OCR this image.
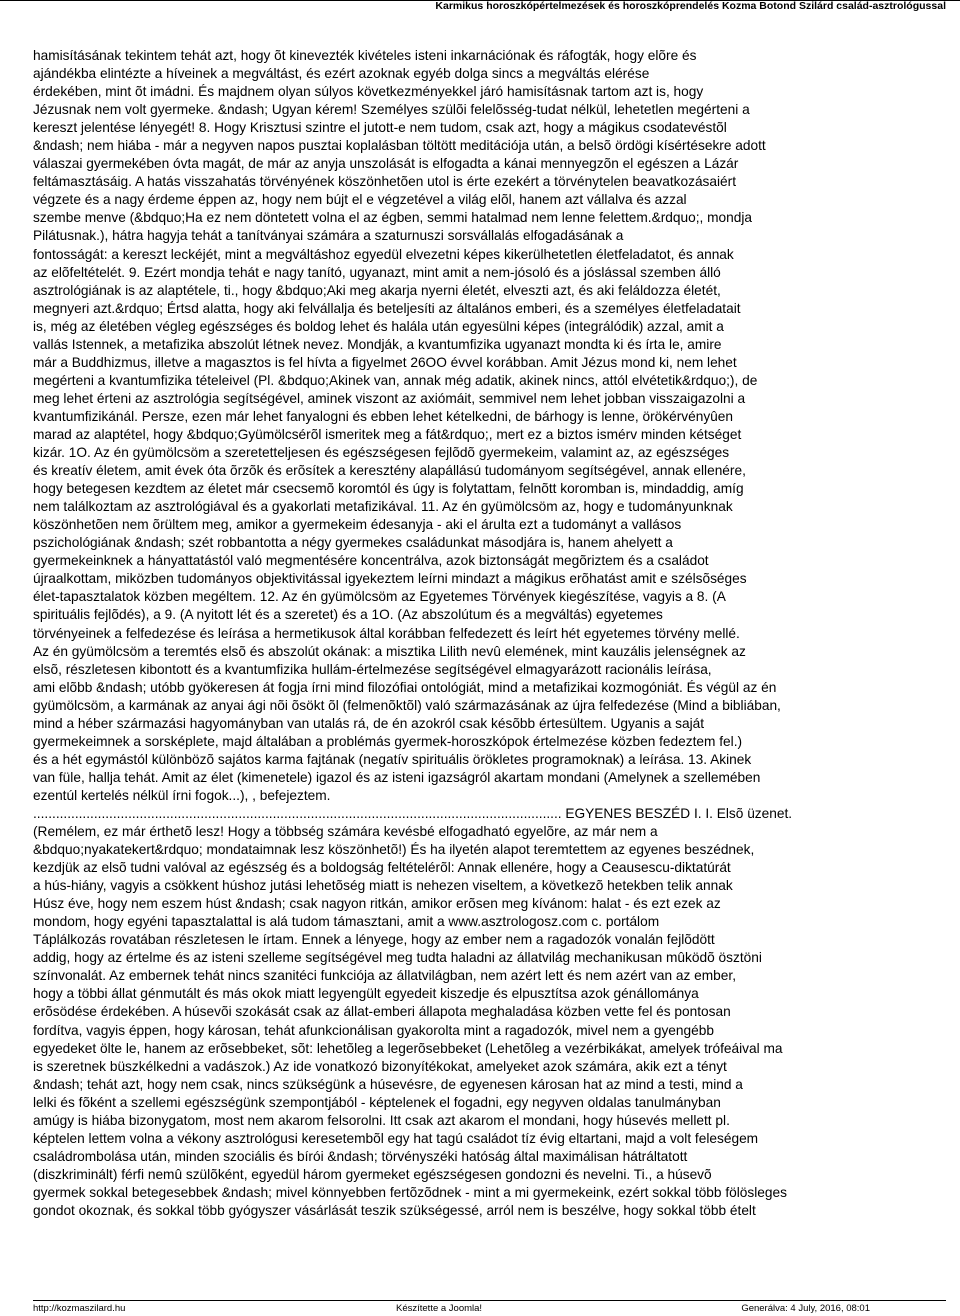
Karmikus horoszkópértelmezések és horoszkóprendelés Kozma Botond Szilárd család-asztrológussal
hamisításának tekintem tehát azt, hogy õt kinevezték kivételes isteni inkarnációnak és ráfogták, hogy elõre és
ajándékba elintézte a híveinek a megváltást, és ezért azoknak egyéb dolga sincs a megváltás elérése
érdekében, mint õt imádni. És majdnem olyan súlyos következményekkel járó hamisításnak tartom azt is, hogy
Jézusnak nem volt gyermeke. &ndash; Ugyan kérem! Személyes szülõi felelõsség-tudat nélkül, lehetetlen megérteni a
kereszt jelentése lényegét! 8. Hogy Krisztusi szintre el jutott-e nem tudom, csak azt, hogy a mágikus csodatevéstõl
&ndash; nem hiába - már a negyven napos pusztai koplalásban töltött meditációja után, a belsõ ördögi kísértésekre adott
válaszai gyermekében óvta magát, de már az anyja unszolását is elfogadta a kánai mennyegzõn el egészen a Lázár
feltámasztásáig. A hatás visszahatás törvényének köszönhetõen utol is érte ezekért a törvénytelen beavatkozásaiért
végzete és a nagy érdeme éppen az, hogy nem bújt el e végzetével a világ elõl, hanem azt vállalva és azzal
szembe menve (&bdquo;Ha ez nem döntetett volna el az égben, semmi hatalmad nem lenne felettem.&rdquo;, mondja
Pilátusnak.), hátra hagyja tehát a tanítványai számára a szaturnuszi sorsvállalás elfogadásának a
fontosságát: a kereszt leckéjét, mint a megváltáshoz egyedül elvezetni képes kikerülhetetlen életfeladatot, és annak
az elõfeltételét. 9. Ezért mondja tehát e nagy tanító, ugyanazt, mint amit a nem-jósoló és a jóslással szemben álló
asztrológiának is az alaptétele, ti., hogy &bdquo;Aki meg akarja nyerni életét, elveszti azt, és aki feláldozza életét,
megnyeri azt.&rdquo; Értsd alatta, hogy aki felvállalja és beteljesíti az általános emberi, és a személyes életfeladatait
is, még az életében végleg egészséges és boldog lehet és halála után egyesülni képes (integrálódik) azzal, amit a
vallás Istennek, a metafizika abszolút létnek nevez. Mondják, a kvantumfizika ugyanazt mondta ki és írta le, amire
már a Buddhizmus, illetve a magasztos is fel hívta a figyelmet 26OO évvel korábban. Amit Jézus mond ki, nem lehet
megérteni a kvantumfizika tételeivel (Pl. &bdquo;Akinek van, annak még adatik, akinek nincs, attól elvétetik&rdquo;), de
meg lehet érteni az asztrológia segítségével, aminek viszont az axiómáit, semmivel nem lehet jobban visszaigazolni a
kvantumfizikánál. Persze, ezen már lehet fanyalogni és ebben lehet kételkedni, de bárhogy is lenne, örökérvényûen
marad az alaptétel, hogy &bdquo;Gyümölcsérõl ismeritek meg a fát&rdquo;, mert ez a biztos ismérv minden kétséget
kizár. 1O. Az én gyümölcsöm a szeretetteljesen és egészségesen fejlõdõ gyermekeim, valamint az, az egészséges
és kreatív életem, amit évek óta õrzõk és erõsítek a keresztény alapállású tudományom segítségével, annak ellenére,
hogy betegesen kezdtem az életet már csecsemõ koromtól és úgy is folytattam, felnõtt koromban is, mindaddig, amíg
nem találkoztam az asztrológiával és a gyakorlati metafizikával. 11. Az én gyümölcsöm az, hogy e tudományunknak
köszönhetõen nem õrültem meg, amikor a gyermekeim édesanyja - aki el árulta ezt a tudományt a vallásos
pszichológiának &ndash; szét robbantotta a négy gyermekes családunkat másodjára is, hanem ahelyett a
gyermekeinknek a hányattatástól való megmentésére koncentrálva, azok biztonságát megõriztem és a családot
újraalkottam, miközben tudományos objektivitással igyekeztem leírni mindazt a mágikus erõhatást amit e szélsõséges
élet-tapasztalatok közben megéltem. 12. Az én gyümölcsöm az Egyetemes Törvények kiegészítése, vagyis a 8. (A
spirituális fejlõdés), a 9. (A nyitott lét és a szeretet) és a 1O. (Az abszolútum és a megváltás) egyetemes
törvényeinek a felfedezése és leírása a hermetikusok által korábban felfedezett és leírt hét egyetemes törvény mellé.
Az én gyümölcsöm a teremtés elsõ és abszolút okának: a misztika Lilith nevû elemének, mint kauzális jelenségnek az
elsõ, részletesen kibontott és a kvantumfizika hullám-értelmezése segítségével elmagyarázott racionális leírása,
ami elõbb &ndash; utóbb gyökeresen át fogja írni mind filozófiai ontológiát, mind a metafizikai kozmogóniát. És végül az én
gyümölcsöm, a karmának az anyai ági nõi õsökt õl (felmenõktõl) való származásának az újra felfedezése (Mind a bibliában,
mind a héber származási hagyományban van utalás rá, de én azokról csak késõbb értesültem. Ugyanis a saját
gyermekeimnek a sorsképlete, majd általában a problémás gyermek-horoszkópok értelmezése közben fedeztem fel.)
és a hét egymástól különbözõ sajátos karma fajtának (negatív spirituális örökletes programoknak) a leírása. 13. Akinek
van füle, hallja tehát. Amit az élet (kimenetele) igazol és az isteni igazságról akartam mondani (Amelynek a szellemében
ezentúl kertelés nélkül írni fogok...), , befejeztem.
........................................................................................................................................... EGYENES BESZÉD I. I. Elsõ üzenet.
(Remélem, ez már érthetõ lesz! Hogy a többség számára kevésbé elfogadható egyelõre, az már nem a
&bdquo;nyakatekert&rdquo; mondataimnak lesz köszönhetõ!) És ha ilyetén alapot teremtettem az egyenes beszédnek,
kezdjük az elsõ tudni valóval az egészség és a boldogság feltételérõl: Annak ellenére, hogy a Ceausescu-diktatúrát
a hús-hiány, vagyis a csökkent húshoz jutási lehetõség miatt is nehezen viseltem, a következõ hetekben telik annak
Húsz éve, hogy nem eszem húst &ndash; csak nagyon ritkán, amikor erõsen meg kívánom: halat - és ezt ezek az
mondom, hogy egyéni tapasztalattal is alá tudom támasztani, amit a www.asztrologosz.com c. portálom
Táplálkozás rovatában részletesen le írtam. Ennek a lényege, hogy az ember nem a ragadozók vonalán fejlõdött
addig, hogy az értelme és az isteni szelleme segítségével meg tudta haladni az állatvilág mechanikusan mûködõ ösztöni
színvonalát. Az embernek tehát nincs szanitéci funkciója az állatvilágban, nem azért lett és nem azért van az ember,
hogy a többi állat génmutált és más okok miatt legyengült egyedeit kiszedje és elpusztítsa azok génállománya
erõsödése érdekében. A húsevõi szokását csak az állat-emberi állapota meghaladása közben vette fel és pontosan
fordítva, vagyis éppen, hogy károsan, tehát afunkcionálisan gyakorolta mint a ragadozók, mivel nem a gyengébb
egyedeket ölte le, hanem az erõsebbeket, sõt: lehetõleg a legerõsebbeket (Lehetõleg a vezérbikákat, amelyek trófeáival ma
is szeretnek büszkélkedni a vadászok.) Az ide vonatkozó bizonyítékokat, amelyeket azok számára, akik ezt a tényt
&ndash; tehát azt, hogy nem csak, nincs szükségünk a húsevésre, de egyenesen károsan hat az mind a testi, mind a
lelki és fõként a szellemi egészségünk szempontjából - képtelenek el fogadni, egy negyven oldalas tanulmányban
amúgy is hiába bizonygatom, most nem akarom felsorolni. Itt csak azt akarom el mondani, hogy húsevés mellett pl.
képtelen lettem volna a vékony asztrológusi keresetembõl egy hat tagú családot tíz évig eltartani, majd a volt feleségem
családrombolása után, minden szociális és bírói &ndash; törvényszéki hatóság által maximálisan hátráltatott
(diszkriminált) férfi nemû szülõként, egyedül három gyermeket egészségesen gondozni és nevelni. Ti., a húsevõ
gyermek sokkal betegesebbek &ndash; mivel könnyebben fertõzõdnek - mint a mi gyermekeink, ezért sokkal több fölösleges
gondot okoznak, és sokkal több gyógyszer vásárlását teszik szükségessé, arról nem is beszélve, hogy sokkal több ételt
http://kozmaszilard.hu	Készítette a Joomla!	Generálva: 4 July, 2016, 08:01
